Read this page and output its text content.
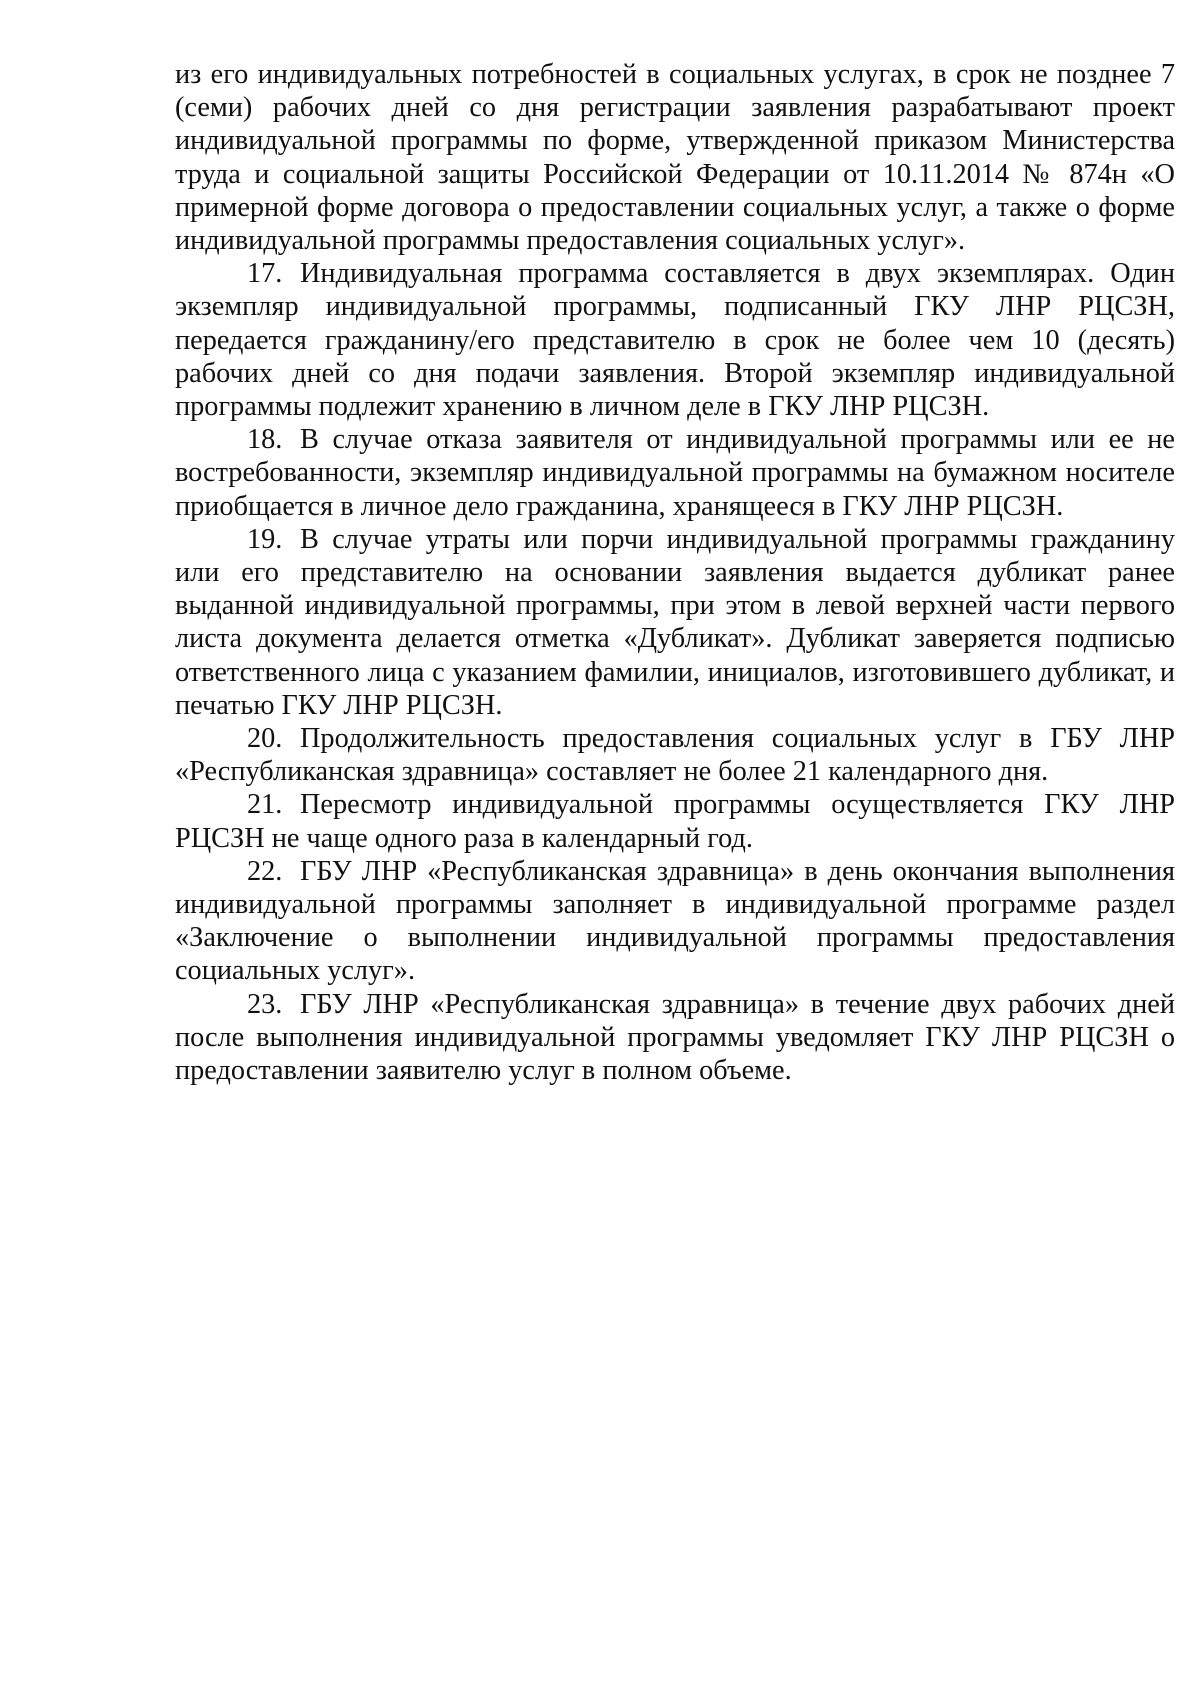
из его индивидуальных потребностей в социальных услугах, в срок не позднее 7 (семи) рабочих дней со дня регистрации заявления разрабатывают проект индивидуальной программы по форме, утвержденной приказом Министерства труда и социальной защиты Российской Федерации от 10.11.2014 № 874н «О примерной форме договора о предоставлении социальных услуг, а также о форме индивидуальной программы предоставления социальных услуг».

17. Индивидуальная программа составляется в двух экземплярах. Один экземпляр индивидуальной программы, подписанный ГКУ ЛНР РЦСЗН, передается гражданину/его представителю в срок не более чем 10 (десять) рабочих дней со дня подачи заявления. Второй экземпляр индивидуальной программы подлежит хранению в личном деле в ГКУ ЛНР РЦСЗН.

18. В случае отказа заявителя от индивидуальной программы или ее не востребованности, экземпляр индивидуальной программы на бумажном носителе приобщается в личное дело гражданина, хранящееся в ГКУ ЛНР РЦСЗН.

19. В случае утраты или порчи индивидуальной программы гражданину или его представителю на основании заявления выдается дубликат ранее выданной индивидуальной программы, при этом в левой верхней части первого листа документа делается отметка «Дубликат». Дубликат заверяется подписью ответственного лица с указанием фамилии, инициалов, изготовившего дубликат, и печатью ГКУ ЛНР РЦСЗН.

20. Продолжительность предоставления социальных услуг в ГБУ ЛНР «Республиканская здравница» составляет не более 21 календарного дня.

21. Пересмотр индивидуальной программы осуществляется ГКУ ЛНР РЦСЗН не чаще одного раза в календарный год.

22. ГБУ ЛНР «Республиканская здравница» в день окончания выполнения индивидуальной программы заполняет в индивидуальной программе раздел «Заключение о выполнении индивидуальной программы предоставления социальных услуг».

23. ГБУ ЛНР «Республиканская здравница» в течение двух рабочих дней после выполнения индивидуальной программы уведомляет ГКУ ЛНР РЦСЗН о предоставлении заявителю услуг в полном объеме.
